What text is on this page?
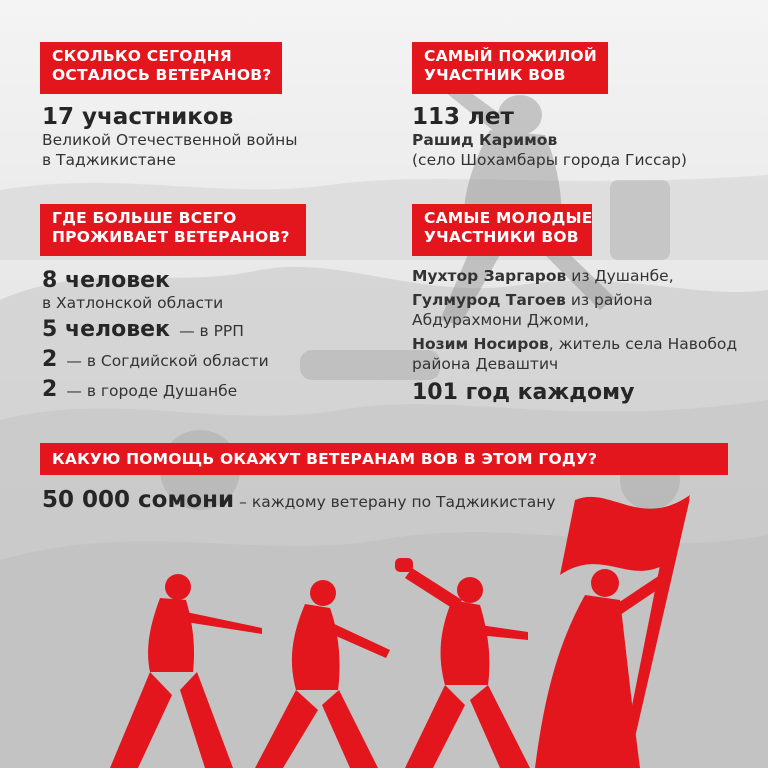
СКОЛЬКО СЕГОДНЯ
ОСТАЛОСЬ ВЕТЕРАНОВ?
17 участников
Великой Отечественной войны
в Таджикистане
САМЫЙ ПОЖИЛОЙ
УЧАСТНИК ВОВ
113 лет
Рашид Каримов
(село Шохамбары города Гиссар)
ГДЕ БОЛЬШЕ ВСЕГО
ПРОЖИВАЕТ ВЕТЕРАНОВ?
8 человек
в Хатлонской области
5 человек — в РРП
2 — в Согдийской области
2 — в городе Душанбе
САМЫЕ МОЛОДЫЕ
УЧАСТНИКИ ВОВ
Мухтор Заргаров из Душанбе,
Гулмурод Тагоев из района
Абдурахмони Джоми,
Нозим Носиров, житель села Навобод
района Деваштич
101 год каждому
КАКУЮ ПОМОЩЬ ОКАЖУТ ВЕТЕРАНАМ ВОВ В ЭТОМ ГОДУ?
50 000 сомони – каждому ветерану по Таджикистану
